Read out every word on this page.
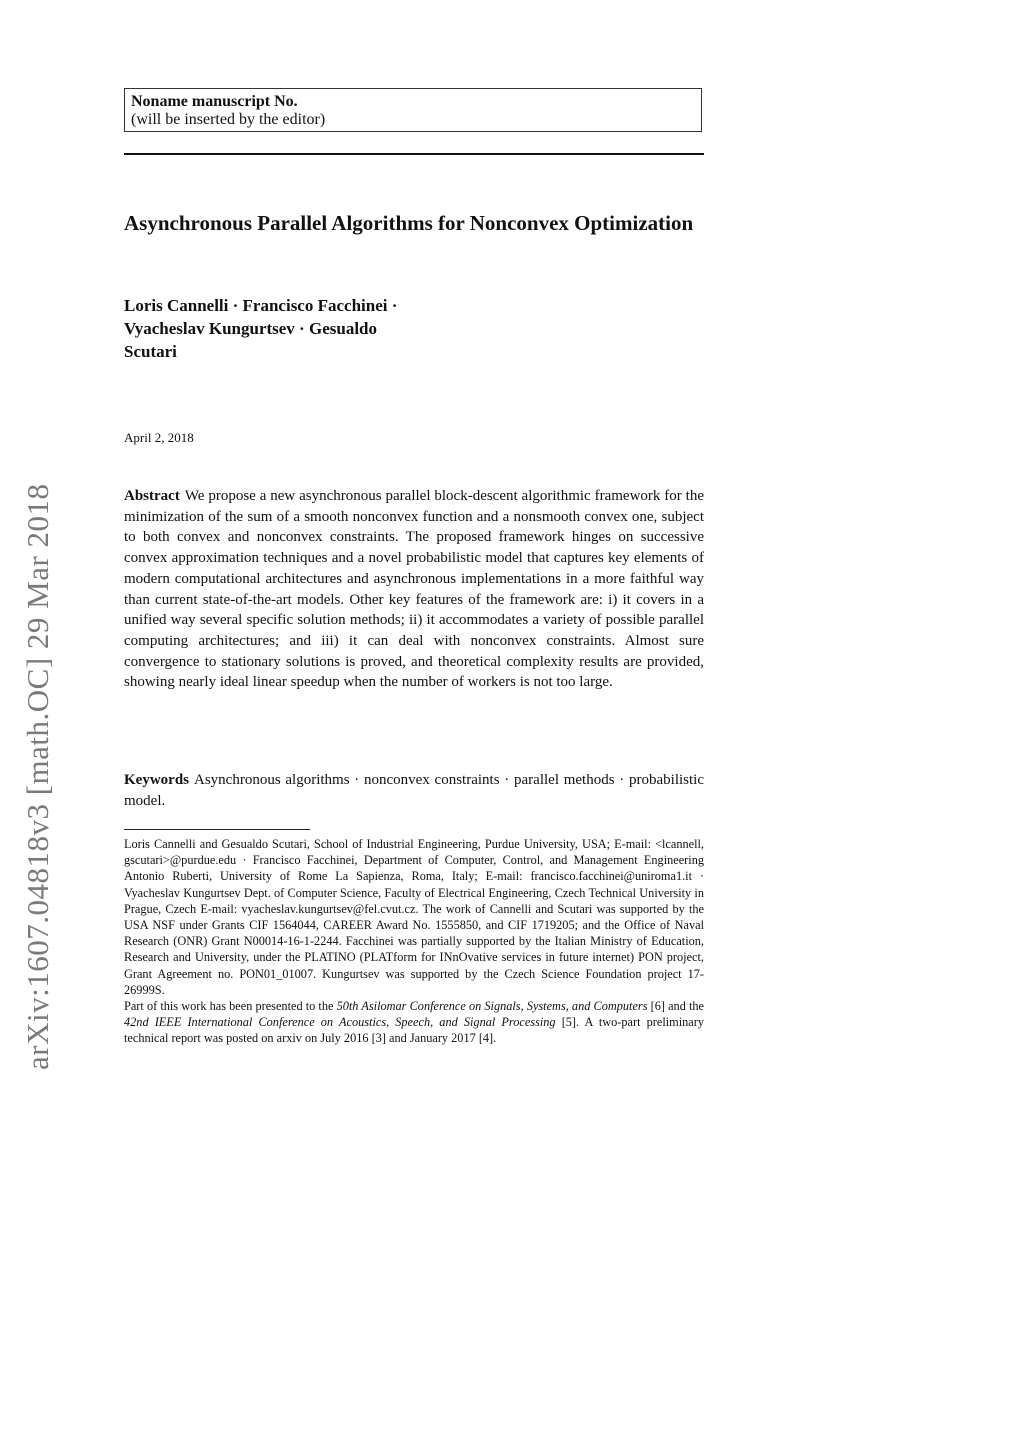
arXiv:1607.04818v3 [math.OC] 29 Mar 2018
Noname manuscript No.
(will be inserted by the editor)
Asynchronous Parallel Algorithms for Nonconvex Optimization
Loris Cannelli · Francisco Facchinei ·
Vyacheslav Kungurtsev · Gesualdo
Scutari
April 2, 2018
Abstract We propose a new asynchronous parallel block-descent algorithmic framework for the minimization of the sum of a smooth nonconvex function and a nonsmooth convex one, subject to both convex and nonconvex constraints. The proposed framework hinges on successive convex approximation techniques and a novel probabilistic model that captures key elements of modern computational architectures and asynchronous implementations in a more faithful way than current state-of-the-art models. Other key features of the framework are: i) it covers in a unified way several specific solution methods; ii) it accommodates a variety of possible parallel computing architectures; and iii) it can deal with nonconvex constraints. Almost sure convergence to stationary solutions is proved, and theoretical complexity results are provided, showing nearly ideal linear speedup when the number of workers is not too large.
Keywords Asynchronous algorithms · nonconvex constraints · parallel methods · probabilistic model.

Loris Cannelli and Gesualdo Scutari, School of Industrial Engineering, Purdue University, USA; E-mail: <lcannell, gscutari>@purdue.edu · Francisco Facchinei, Department of Computer, Control, and Management Engineering Antonio Ruberti, University of Rome La Sapienza, Roma, Italy; E-mail: francisco.facchinei@uniroma1.it · Vyacheslav Kungurtsev Dept. of Computer Science, Faculty of Electrical Engineering, Czech Technical University in Prague, Czech E-mail: vyacheslav.kungurtsev@fel.cvut.cz. The work of Cannelli and Scutari was supported by the USA NSF under Grants CIF 1564044, CAREER Award No. 1555850, and CIF 1719205; and the Office of Naval Research (ONR) Grant N00014-16-1-2244. Facchinei was partially supported by the Italian Ministry of Education, Research and University, under the PLATINO (PLATform for INnOvative services in future internet) PON project, Grant Agreement no. PON01_01007. Kungurtsev was supported by the Czech Science Foundation project 17-26999S.

Part of this work has been presented to the 50th Asilomar Conference on Signals, Systems, and Computers [6] and the 42nd IEEE International Conference on Acoustics, Speech, and Signal Processing [5]. A two-part preliminary technical report was posted on arxiv on July 2016 [3] and January 2017 [4].
